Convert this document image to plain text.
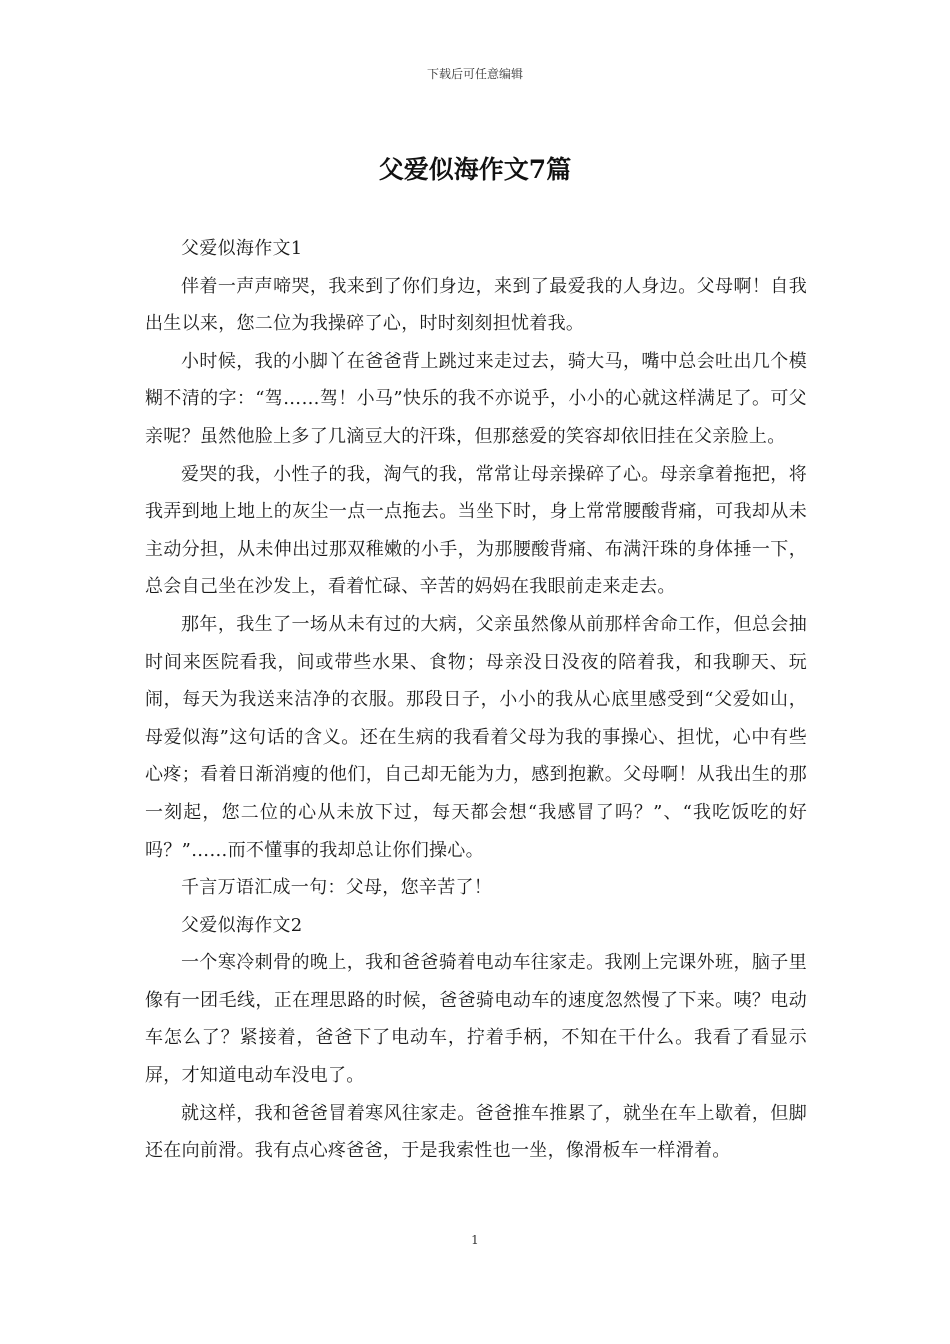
下载后可任意编辑
父爱似海作文7篇

父爱似海作文1

伴着一声声啼哭，我来到了你们身边，来到了最爱我的人身边。父母啊！自我出生以来，您二位为我操碎了心，时时刻刻担忧着我。

小时候，我的小脚丫在爸爸背上跳过来走过去，骑大马，嘴中总会吐出几个模糊不清的字：“驾……驾！小马”快乐的我不亦说乎，小小的心就这样满足了。可父亲呢？虽然他脸上多了几滴豆大的汗珠，但那慈爱的笑容却依旧挂在父亲脸上。

爱哭的我，小性子的我，淘气的我，常常让母亲操碎了心。母亲拿着拖把，将我弄到地上地上的灰尘一点一点拖去。当坐下时，身上常常腰酸背痛，可我却从未主动分担，从未伸出过那双稚嫩的小手，为那腰酸背痛、布满汗珠的身体捶一下，总会自己坐在沙发上，看着忙碌、辛苦的妈妈在我眼前走来走去。

那年，我生了一场从未有过的大病，父亲虽然像从前那样舍命工作，但总会抽时间来医院看我，间或带些水果、食物；母亲没日没夜的陪着我，和我聊天、玩闹，每天为我送来洁净的衣服。那段日子，小小的我从心底里感受到“父爱如山，母爱似海”这句话的含义。还在生病的我看着父母为我的事操心、担忧，心中有些心疼；看着日渐消瘦的他们，自己却无能为力，感到抱歉。父母啊！从我出生的那一刻起，您二位的心从未放下过，每天都会想“我感冒了吗？”、“我吃饭吃的好吗？”……而不懂事的我却总让你们操心。

千言万语汇成一句：父母，您辛苦了！

父爱似海作文2

一个寒冷刺骨的晚上，我和爸爸骑着电动车往家走。我刚上完课外班，脑子里像有一团毛线，正在理思路的时候，爸爸骑电动车的速度忽然慢了下来。咦？电动车怎么了？紧接着，爸爸下了电动车，拧着手柄，不知在干什么。我看了看显示屏，才知道电动车没电了。

就这样，我和爸爸冒着寒风往家走。爸爸推车推累了，就坐在车上歇着，但脚还在向前滑。我有点心疼爸爸，于是我索性也一坐，像滑板车一样滑着。

1
